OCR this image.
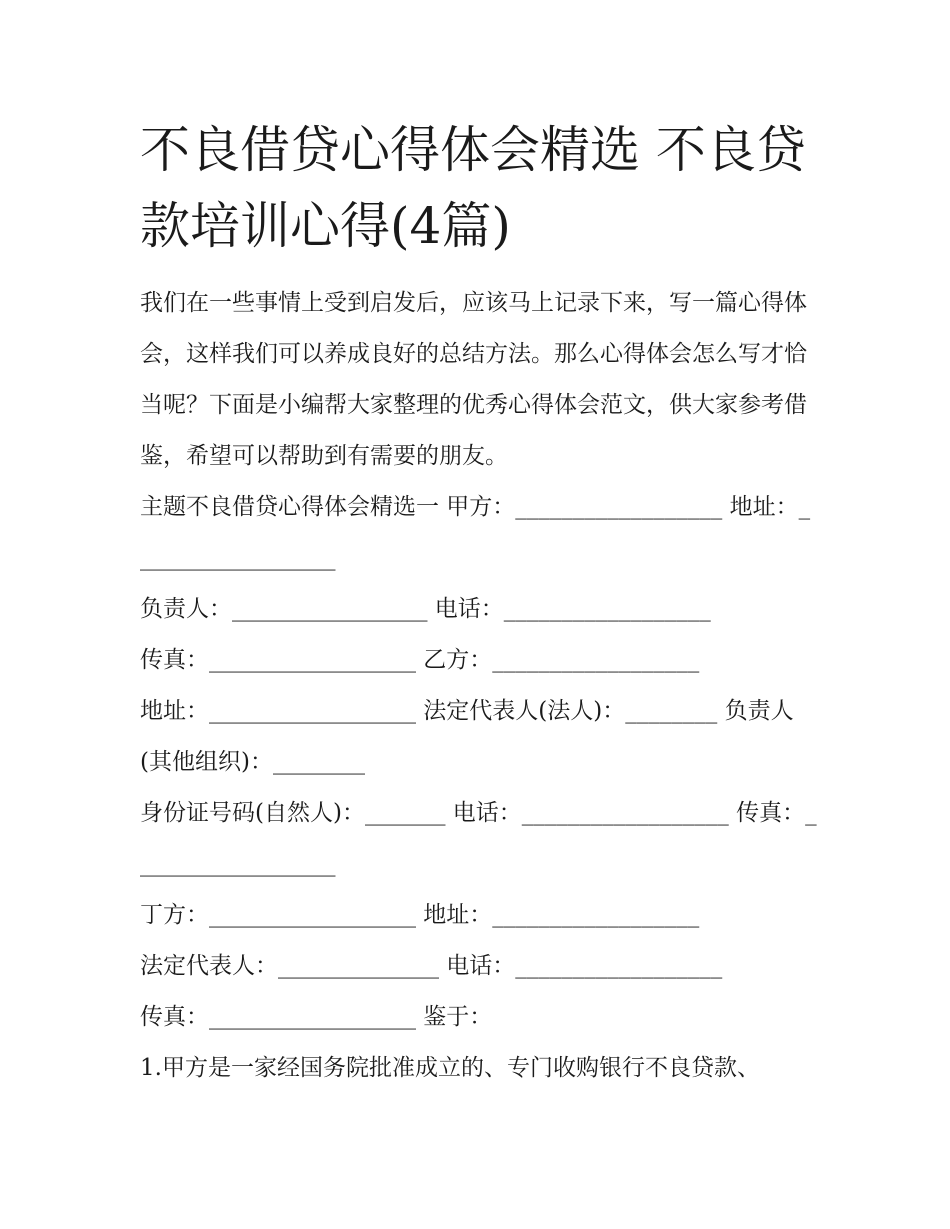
不良借贷心得体会精选 不良贷款培训心得(4篇)

我们在一些事情上受到启发后，应该马上记录下来，写一篇心得体会，这样我们可以养成良好的总结方法。那么心得体会怎么写才恰当呢？下面是小编帮大家整理的优秀心得体会范文，供大家参考借鉴，希望可以帮助到有需要的朋友。

主题不良借贷心得体会精选一 甲方：__________________ 地址：__________________

负责人：_________________ 电话：__________________

传真：__________________ 乙方：__________________

地址：__________________ 法定代表人(法人)：________ 负责人(其他组织)：________

身份证号码(自然人)：_______ 电话：__________________ 传真：__________________

丁方：__________________ 地址：__________________

法定代表人：______________ 电话：__________________

传真：__________________ 鉴于：

1.甲方是一家经国务院批准成立的、专门收购银行不良贷款、
